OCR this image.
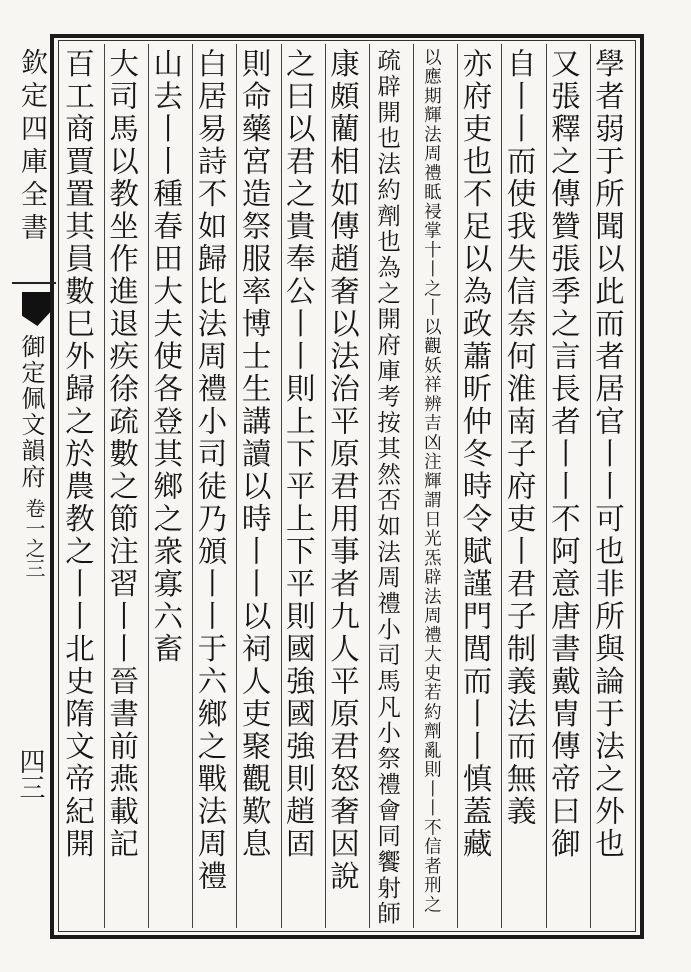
欽定四庫全書
御定佩文韻府
卷一之三
四三	學者弱于所聞以此而者居官丨丨可也非所與論于法之外也
又張釋之傳贊張季之言長者丨丨不阿意唐書戴冑傳帝曰御
自丨丨而使我失信奈何淮南子府吏丨君子制義法而無義
亦府吏也不足以為政蕭昕仲冬時令賦謹門閭而丨丨慎蓋藏
以應期輝法周禮眡祲掌十丨之丨以觀妖祥辨吉凶注輝謂日光炁辟法周禮大史若約劑亂則丨丨不信者刑之
疏辟開也法約劑也為之開府庫考按其然否如法周禮小司馬凡小祭禮會同饗射師
康頗藺相如傳趙奢以法治平原君用事者九人平原君怒奢因說
之曰以君之貴奉公丨丨則上下平上下平則國強國強則趙固
則命藥宮造祭服率博士生講讀以時丨丨以祠人吏聚觀歎息
白居易詩不如歸比法周禮小司徒乃頒丨丨于六鄉之戰法周禮
山去丨丨種春田大夫使各登其鄉之衆寡六畜
大司馬以教坐作進退疾徐疏數之節注習丨丨晉書前燕載記
百工商賈置其員數巳外歸之於農教之丨丨北史隋文帝紀開
